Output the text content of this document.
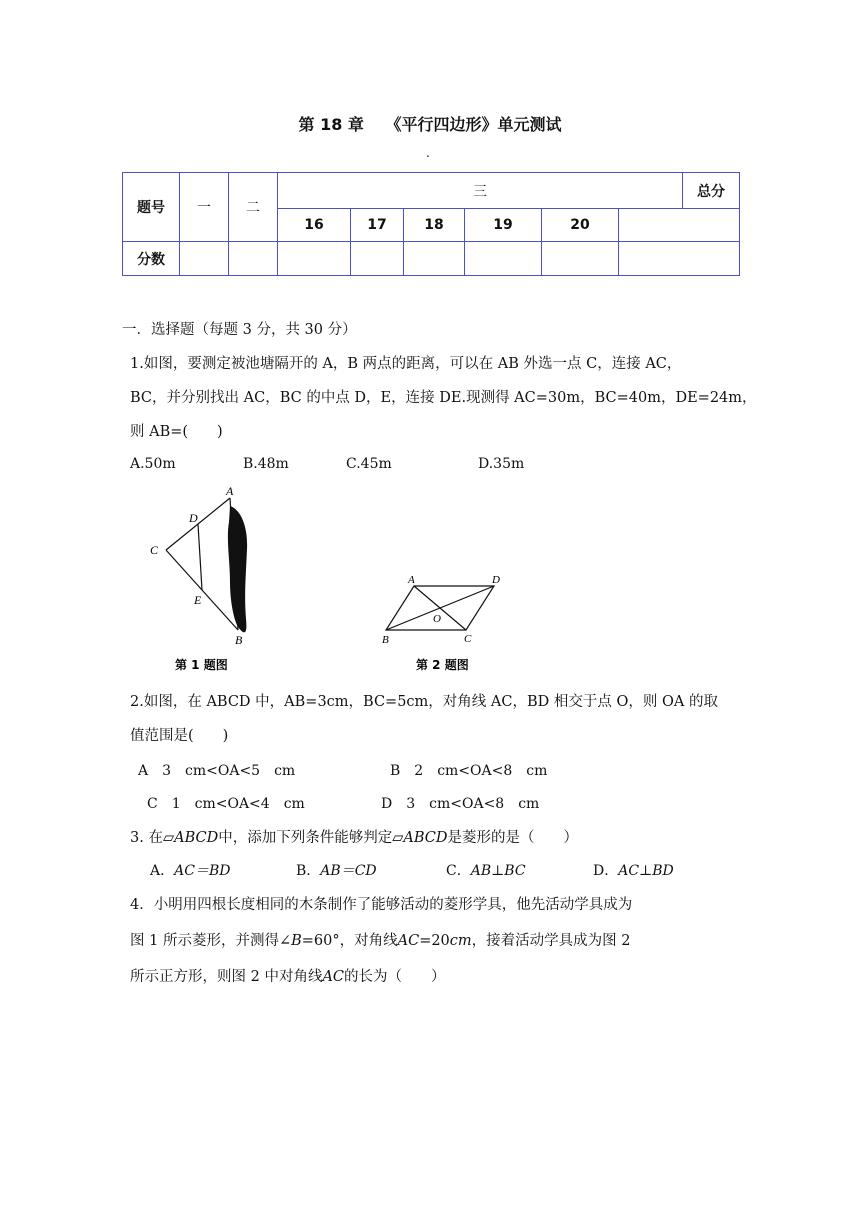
第 18 章　 《平行四边形》单元测试
.
题号	一	二	三						总分
			16	17	18	19	20		
分数									
一．选择题（每题 3 分，共 30 分）
1.如图，要测定被池塘隔开的 A，B 两点的距离，可以在 AB 外选一点 C，连接 AC，
BC，并分别找出 AC，BC 的中点 D，E，连接 DE.现测得 AC=30m，BC=40m，DE=24m，
则 AB=(　　)
A.50m	B.48m	C.45m	D.35m
A
D
C
E
B
第 1 题图
A	D
O
B	C
第 2 题图
2.如图，在 ABCD 中，AB=3cm，BC=5cm，对角线 AC，BD 相交于点 O，则 OA 的取
值范围是(　　)
A　3　cm<OA<5　cm	B　2　cm<OA<8　cm
C　1　cm<OA<4　cm	D　3　cm<OA<8　cm
3. 在▱ABCD中，添加下列条件能够判定▱ABCD是菱形的是（　　）
A．AC＝BD	B．AB＝CD	C．AB⊥BC	D．AC⊥BD
4．小明用四根长度相同的木条制作了能够活动的菱形学具，他先活动学具成为
图 1 所示菱形，并测得∠B=60°，对角线AC=20cm，接着活动学具成为图 2
所示正方形，则图 2 中对角线AC的长为（　　）
